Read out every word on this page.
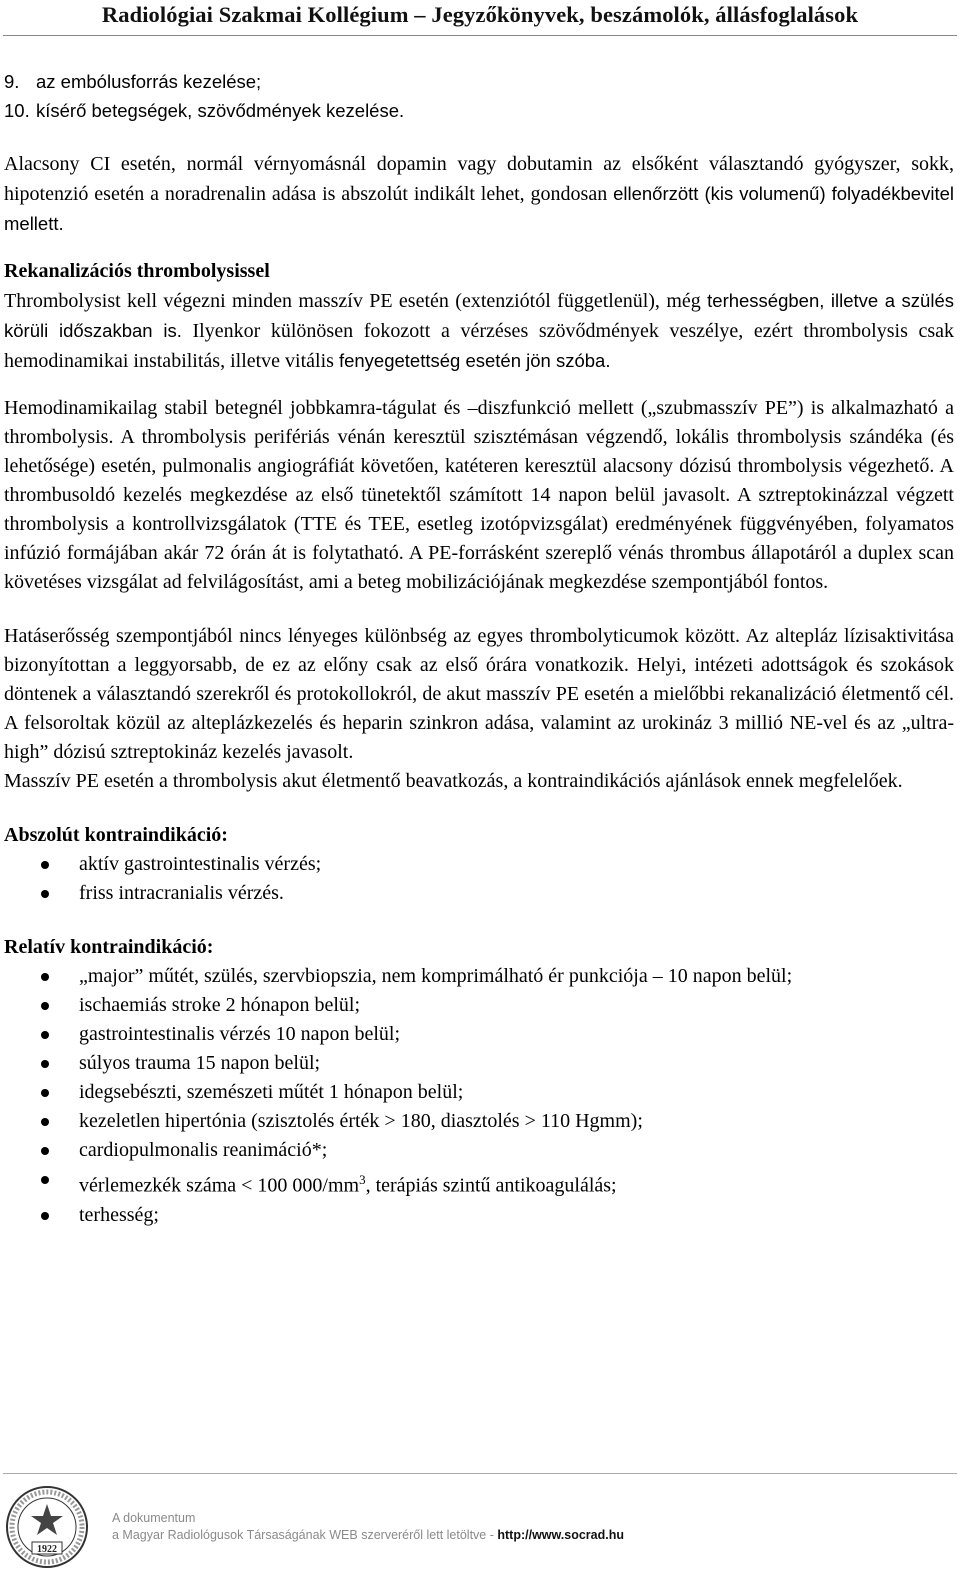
Radiológiai Szakmai Kollégium – Jegyzőkönyvek, beszámolók, állásfoglalások
9. az embólusforrás kezelése;
10. kísérő betegségek, szövődmények kezelése.

Alacsony CI esetén, normál vérnyomásnál dopamin vagy dobutamin az elsőként választandó gyógyszer, sokk, hipotenzió esetén a noradrenalin adása is abszolút indikált lehet, gondosan ellenőrzött (kis volumenű) folyadékbevitel mellett.

Rekanalizációs thrombolysissel

Thrombolysist kell végezni minden masszív PE esetén (extenziótól függetlenül), még terhességben, illetve a szülés körüli időszakban is. Ilyenkor különösen fokozott a vérzéses szövődmények veszélye, ezért thrombolysis csak hemodinamikai instabilitás, illetve vitális fenyegetettség esetén jön szóba.

Hemodinamikailag stabil betegnél jobbkamra-tágulat és –diszfunkció mellett („szubmasszív PE”) is alkalmazható a thrombolysis. A thrombolysis perifériás vénán keresztül szisztémásan végzendő, lokális thrombolysis szándéka (és lehetősége) esetén, pulmonalis angiográfiát követően, katéteren keresztül alacsony dózisú thrombolysis végezhető. A thrombusoldó kezelés megkezdése az első tünetektől számított 14 napon belül javasolt. A sztreptokinázzal végzett thrombolysis a kontrollvizsgálatok (TTE és TEE, esetleg izotópvizsgálat) eredményének függvényében, folyamatos infúzió formájában akár 72 órán át is folytatható. A PE-forrásként szereplő vénás thrombus állapotáról a duplex scan követéses vizsgálat ad felvilágosítást, ami a beteg mobilizációjának megkezdése szempontjából fontos.

Hatáserősség szempontjából nincs lényeges különbség az egyes thrombolyticumok között. Az altepláz lízisaktivitása bizonyítottan a leggyorsabb, de ez az előny csak az első órára vonatkozik. Helyi, intézeti adottságok és szokások döntenek a választandó szerekről és protokollokról, de akut masszív PE esetén a mielőbbi rekanalizáció életmentő cél. A felsoroltak közül az alteplázkezelés és heparin szinkron adása, valamint az urokináz 3 millió NE-vel és az „ultra-high” dózisú sztreptokináz kezelés javasolt.

Masszív PE esetén a thrombolysis akut életmentő beavatkozás, a kontraindikációs ajánlások ennek megfelelőek.

Abszolút kontraindikáció:

aktív gastrointestinalis vérzés;
friss intracranialis vérzés.

Relatív kontraindikáció:

„major” műtét, szülés, szervbiopszia, nem komprimálható ér punkciója – 10 napon belül;
ischaemiás stroke 2 hónapon belül;
gastrointestinalis vérzés 10 napon belül;
súlyos trauma 15 napon belül;
idegsebészti, szemészeti műtét 1 hónapon belül;
kezeletlen hipertónia (szisztolés érték > 180, diasztolés > 110 Hgmm);
cardiopulmonalis reanimáció*;
vérlemezkék száma < 100 $000/mm^3$, terápiás szintű antikoagulálás;
terhesség;
1922
A dokumentum
a Magyar Radiológusok Társaságának WEB szerveréről lett letöltve - http://www.socrad.hu
